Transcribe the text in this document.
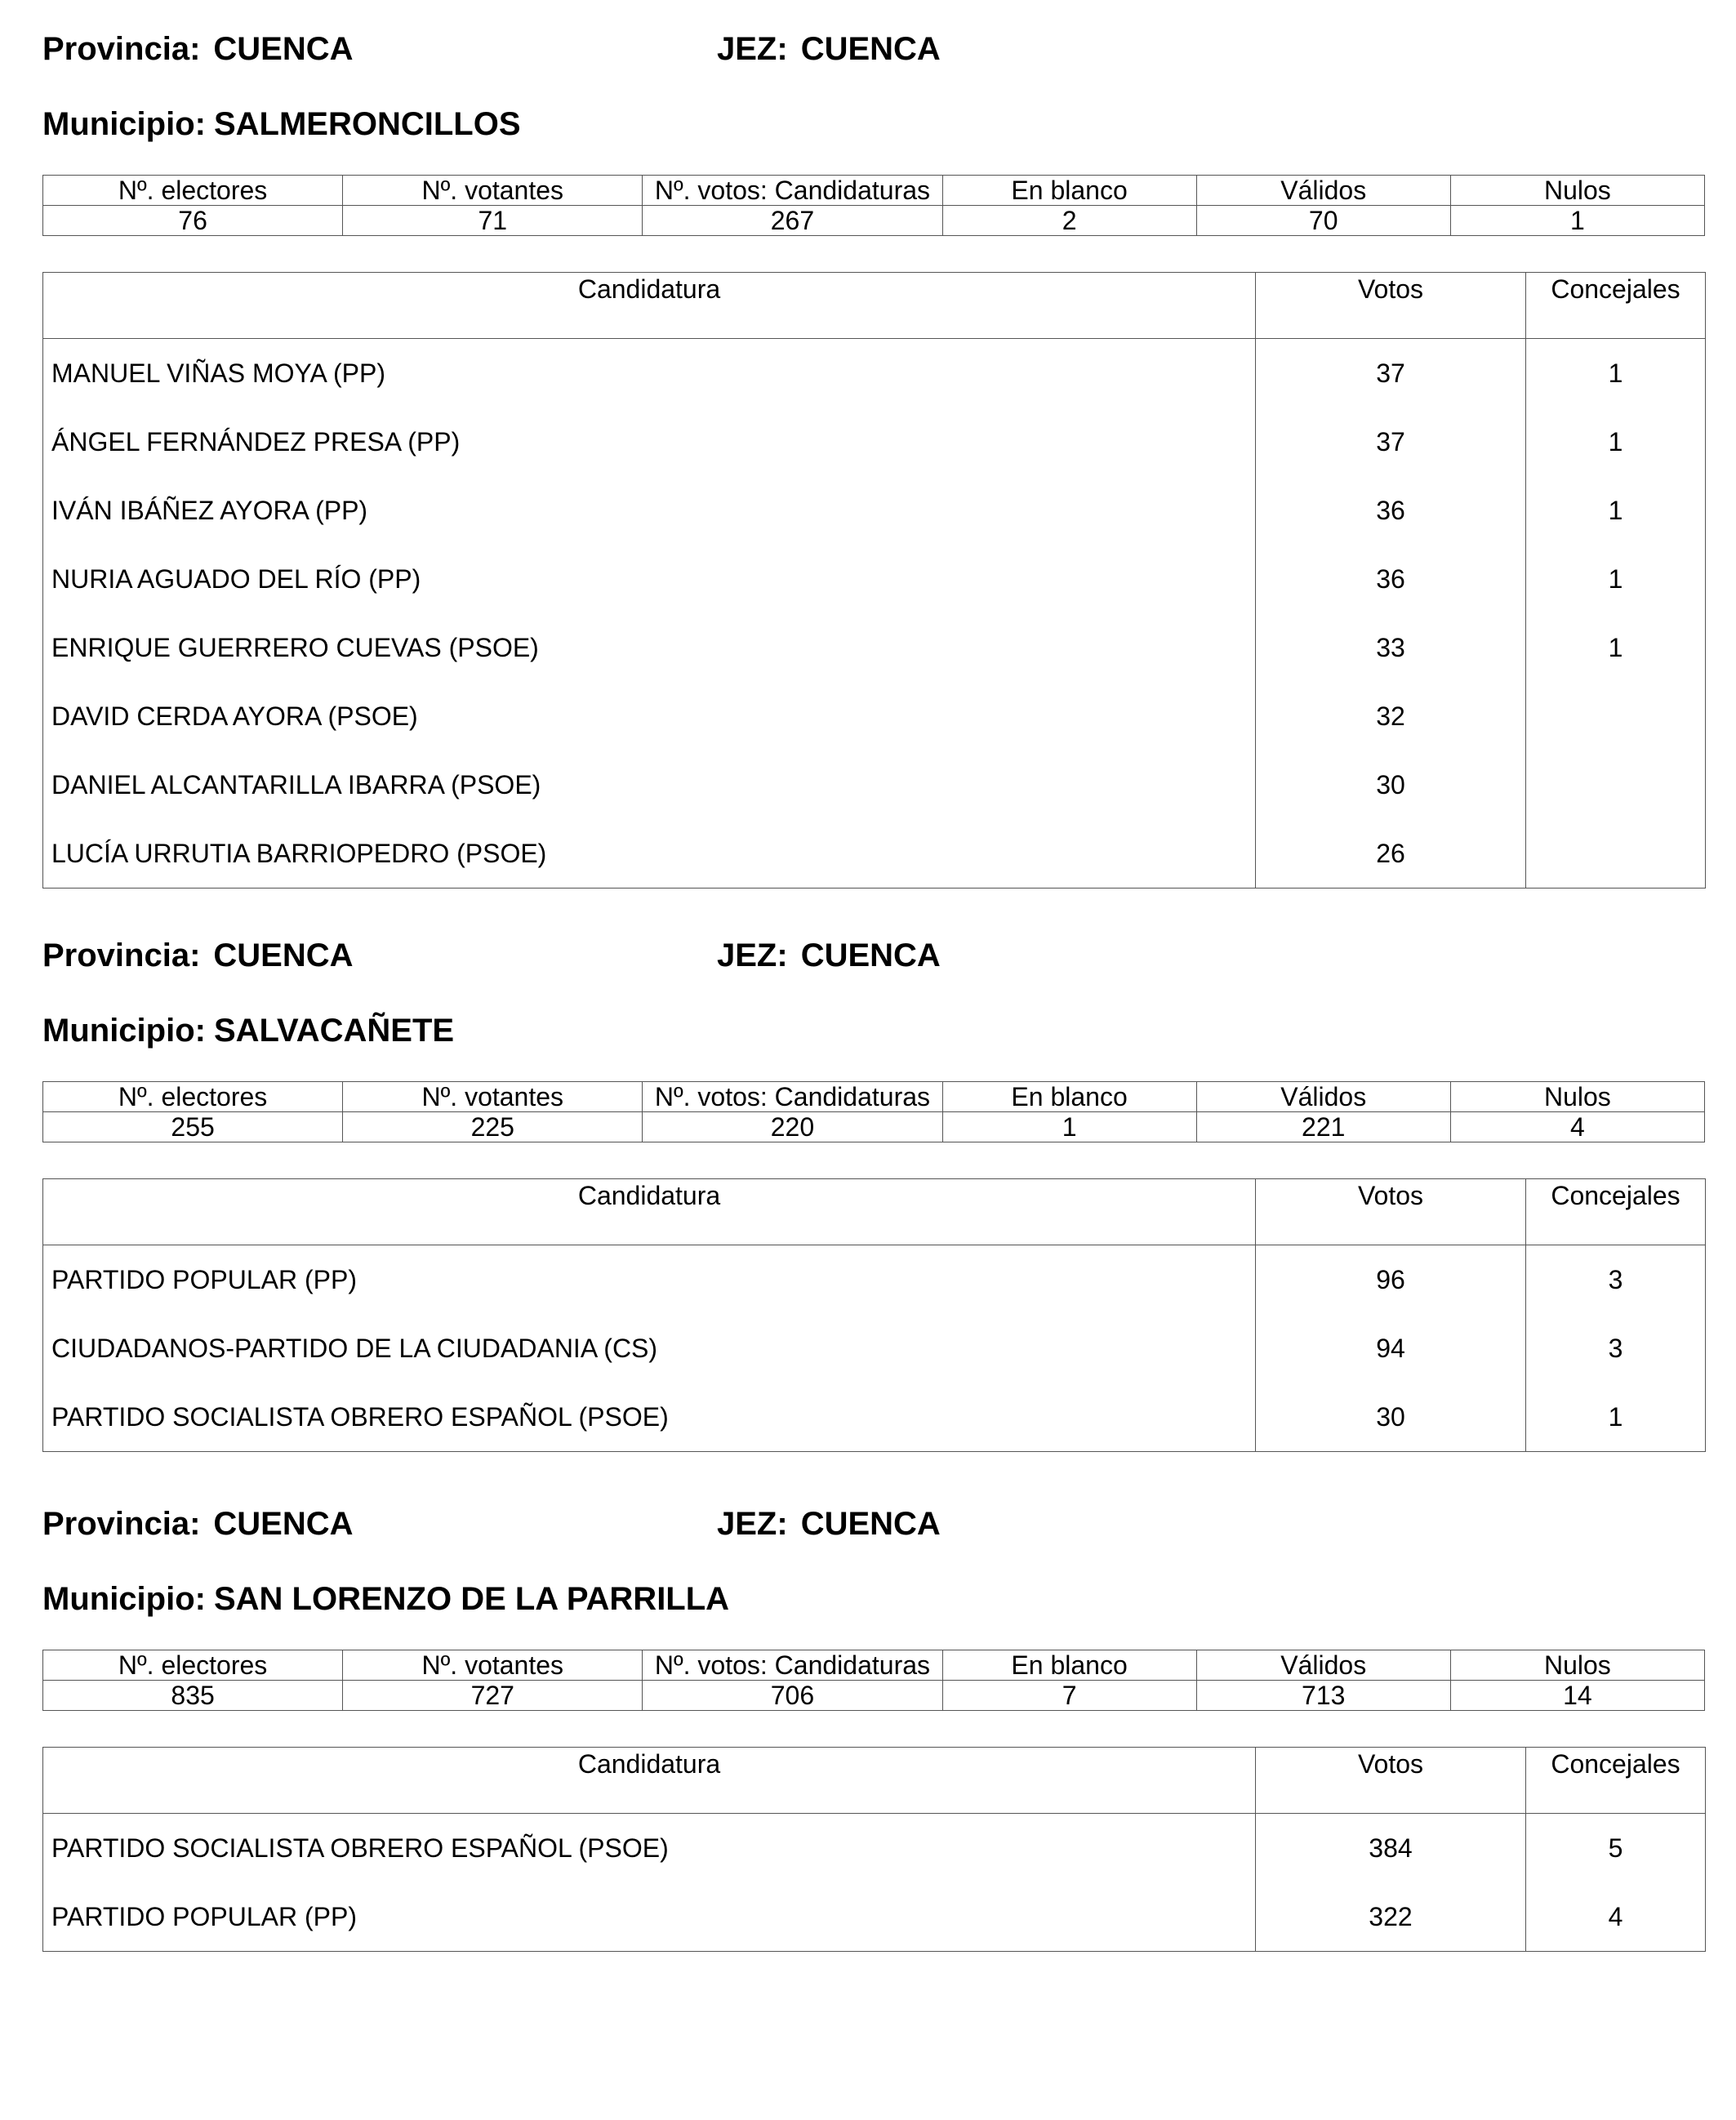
Provincia: CUENCA	JEZ: CUENCA
Municipio: SALMERONCILLOS
Nº. electores	Nº. votantes	Nº. votos: Candidaturas	En blanco	Válidos	Nulos
76	71	267	2	70	1
Candidatura	Votos	Concejales
MANUEL VIÑAS MOYA (PP)	37	1
ÁNGEL FERNÁNDEZ PRESA (PP)	37	1
IVÁN IBÁÑEZ AYORA (PP)	36	1
NURIA AGUADO DEL RÍO (PP)	36	1
ENRIQUE GUERRERO CUEVAS (PSOE)	33	1
DAVID CERDA AYORA (PSOE)	32	
DANIEL ALCANTARILLA IBARRA (PSOE)	30	
LUCÍA URRUTIA BARRIOPEDRO (PSOE)	26	
Provincia: CUENCA	JEZ: CUENCA
Municipio: SALVACAÑETE
Nº. electores	Nº. votantes	Nº. votos: Candidaturas	En blanco	Válidos	Nulos
255	225	220	1	221	4
Candidatura	Votos	Concejales
PARTIDO POPULAR (PP)	96	3
CIUDADANOS-PARTIDO DE LA CIUDADANIA (CS)	94	3
PARTIDO SOCIALISTA OBRERO ESPAÑOL (PSOE)	30	1
Provincia: CUENCA	JEZ: CUENCA
Municipio: SAN LORENZO DE LA PARRILLA
Nº. electores	Nº. votantes	Nº. votos: Candidaturas	En blanco	Válidos	Nulos
835	727	706	7	713	14
Candidatura	Votos	Concejales
PARTIDO SOCIALISTA OBRERO ESPAÑOL (PSOE)	384	5
PARTIDO POPULAR (PP)	322	4
